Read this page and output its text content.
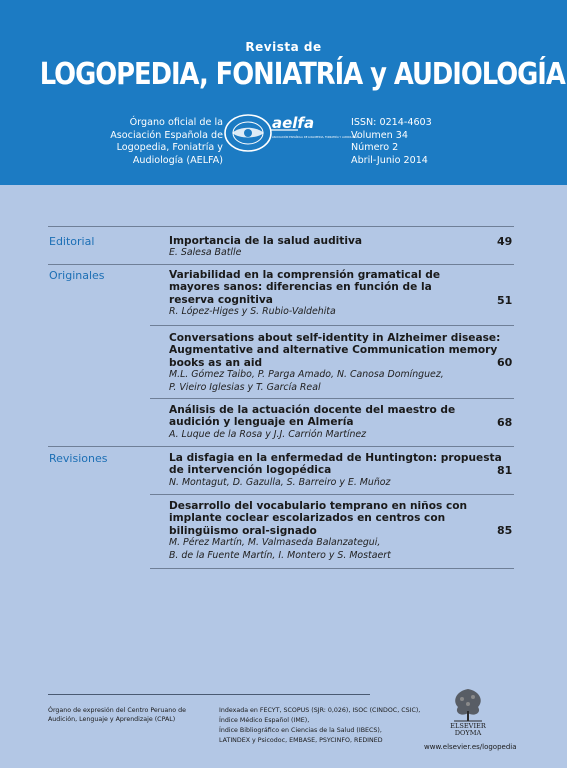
Revista de
LOGOPEDIA, FONIATRÍA y AUDIOLOGÍA
Órgano oficial de la
Asociación Española de
Logopedia, Foniatría y
Audiología (AELFA)
aelfa
ASOCIACIÓN ESPAÑOLA DE LOGOPEDIA, FONIATRÍA Y AUDIOLOGÍA
ISSN: 0214-4603
Volumen 34
Número 2
Abril-Junio 2014
Editorial	Importancia de la salud auditiva
E. Salesa Batlle
49
Originales	Variabilidad en la comprensión gramatical de
mayores sanos: diferencias en función de la
reserva cognitiva
R. López-Higes y S. Rubio-Valdehita
51
Conversations about self-identity in Alzheimer disease:
Augmentative and alternative Communication memory
books as an aid
M.L. Gómez Taibo, P. Parga Amado, N. Canosa Domínguez,
P. Vieiro Iglesias y T. García Real
60
Análisis de la actuación docente del maestro de
audición y lenguaje en Almería
A. Luque de la Rosa y J.J. Carrión Martínez
68
Revisiones	La disfagia en la enfermedad de Huntington: propuesta
de intervención logopédica
N. Montagut, D. Gazulla, S. Barreiro y E. Muñoz
81
Desarrollo del vocabulario temprano en niños con
implante coclear escolarizados en centros con
bilingüismo oral-signado
M. Pérez Martín, M. Valmaseda Balanzategui,
B. de la Fuente Martín, I. Montero y S. Mostaert
85
Órgano de expresión del Centro Peruano de
Audición, Lenguaje y Aprendizaje (CPAL)
Indexada en FECYT, SCOPUS (SJR: 0,026), ISOC (CINDOC, CSIC),
Índice Médico Español (IME),
Índice Bibliográfico en Ciencias de la Salud (IBECS),
LATINDEX y Psicodoc, EMBASE, PSYCINFO, REDINED
ELSEVIER
DOYMA
www.elsevier.es/logopedia
